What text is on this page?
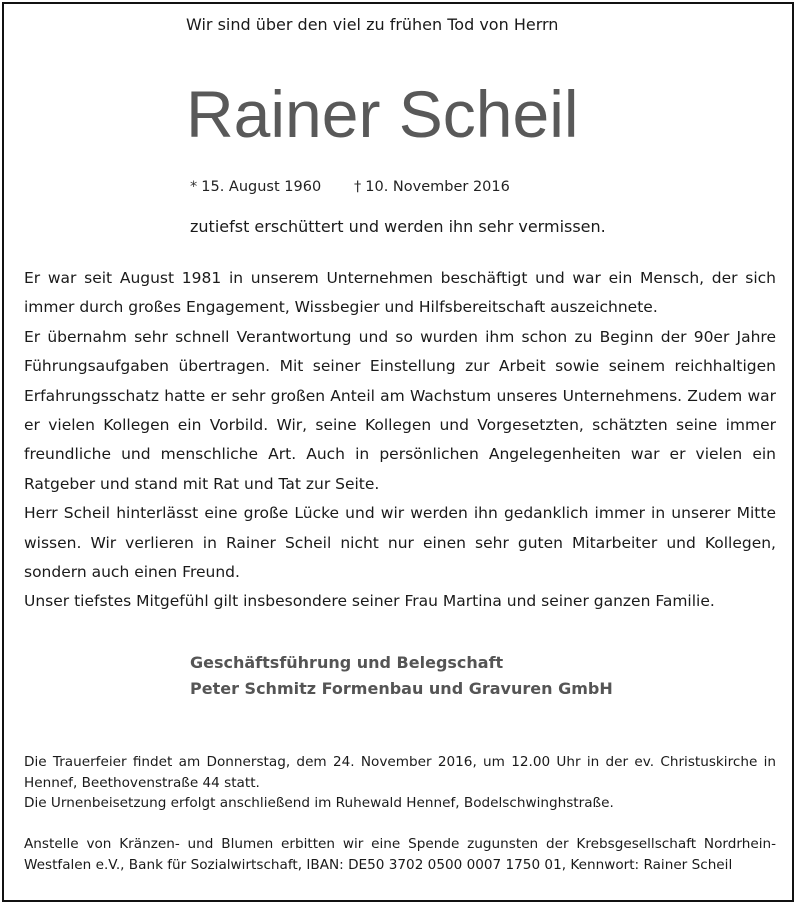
Wir sind über den viel zu frühen Tod von Herrn
Rainer Scheil
* 15. August 1960 † 10. November 2016
zutiefst erschüttert und werden ihn sehr vermissen.

Er war seit August 1981 in unserem Unternehmen beschäftigt und war ein Mensch, der sich immer durch großes Engagement, Wissbegier und Hilfsbereitschaft auszeichnete.

Er übernahm sehr schnell Verantwortung und so wurden ihm schon zu Beginn der 90er Jahre Führungsaufgaben übertragen. Mit seiner Einstellung zur Arbeit sowie seinem reichhaltigen Erfahrungsschatz hatte er sehr großen Anteil am Wachstum unseres Unternehmens. Zudem war er vielen Kollegen ein Vorbild. Wir, seine Kollegen und Vorgesetzten, schätzten seine immer freundliche und menschliche Art. Auch in persönlichen Angelegenheiten war er vielen ein Ratgeber und stand mit Rat und Tat zur Seite.

Herr Scheil hinterlässt eine große Lücke und wir werden ihn gedanklich immer in unserer Mitte wissen. Wir verlieren in Rainer Scheil nicht nur einen sehr guten Mitarbeiter und Kollegen, sondern auch einen Freund.

Unser tiefstes Mitgefühl gilt insbesondere seiner Frau Martina und seiner ganzen Familie.

Geschäftsführung und Belegschaft
Peter Schmitz Formenbau und Gravuren GmbH

Die Trauerfeier findet am Donnerstag, dem 24. November 2016, um 12.00 Uhr in der ev. Christuskirche in Hennef, Beethovenstraße 44 statt.

Die Urnenbeisetzung erfolgt anschließend im Ruhewald Hennef, Bodelschwinghstraße.

Anstelle von Kränzen- und Blumen erbitten wir eine Spende zugunsten der Krebsgesellschaft Nordrhein-Westfalen e.V., Bank für Sozialwirtschaft, IBAN: DE50 3702 0500 0007 1750 01, Kennwort: Rainer Scheil
